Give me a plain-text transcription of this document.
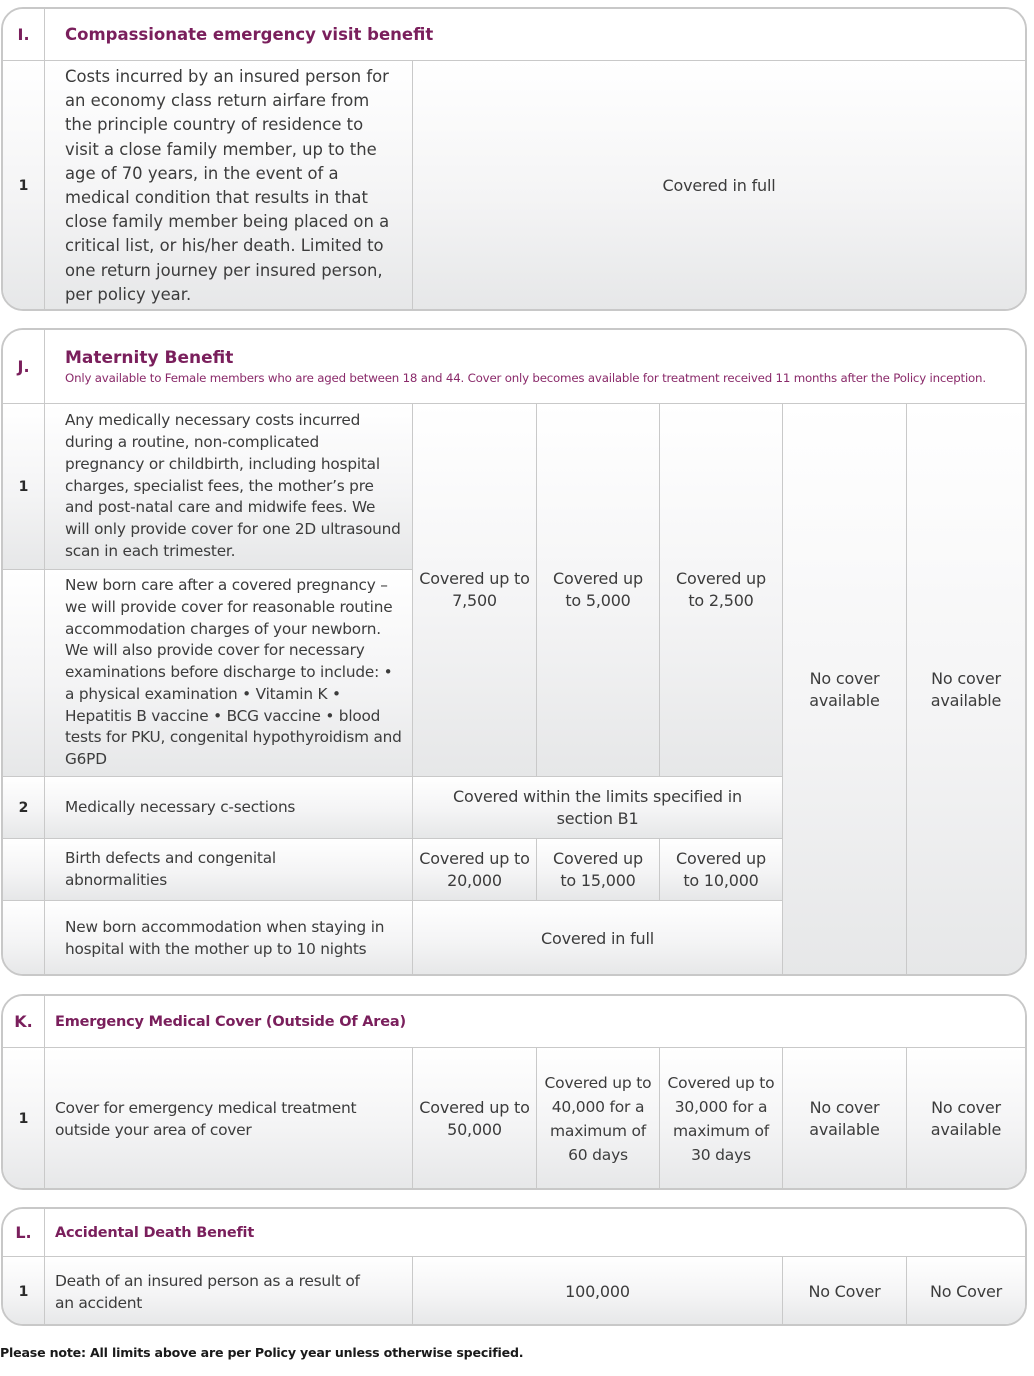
I. Compassionate emergency visit benefit
1
Costs incurred by an insured person for an economy class return airfare from the principle country of residence to visit a close family member, up to the age of 70 years, in the event of a medical condition that results in that close family member being placed on a critical list, or his/her death. Limited to one return journey per insured person, per policy year.
Covered in full
J. Maternity Benefit
Only available to Female members who are aged between 18 and 44. Cover only becomes available for treatment received 11 months after the Policy inception.
1
Any medically necessary costs incurred during a routine, non-complicated pregnancy or childbirth, including hospital charges, specialist fees, the mother’s pre and post-natal care and midwife fees. We will only provide cover for one 2D ultrasound scan in each trimester.
New born care after a covered pregnancy – we will provide cover for reasonable routine accommodation charges of your newborn. We will also provide cover for necessary examinations before discharge to include: • a physical examination • Vitamin K • Hepatitis B vaccine • BCG vaccine • blood tests for PKU, congenital hypothyroidism and G6PD
Covered up to 7,500
Covered up to 5,000
Covered up to 2,500
No cover available
No cover available
2 Medically necessary c-sections
Covered within the limits specified in section B1
Birth defects and congenital abnormalities
Covered up to 20,000
Covered up to 15,000
Covered up to 10,000
New born accommodation when staying in hospital with the mother up to 10 nights
Covered in full
K. Emergency Medical Cover (Outside Of Area)
1
Cover for emergency medical treatment outside your area of cover
Covered up to 50,000
Covered up to 40,000 for a maximum of 60 days
Covered up to 30,000 for a maximum of 30 days
No cover available
No cover available
L. Accidental Death Benefit
1
Death of an insured person as a result of an accident
100,000	No Cover	No Cover
Please note: All limits above are per Policy year unless otherwise specified.
